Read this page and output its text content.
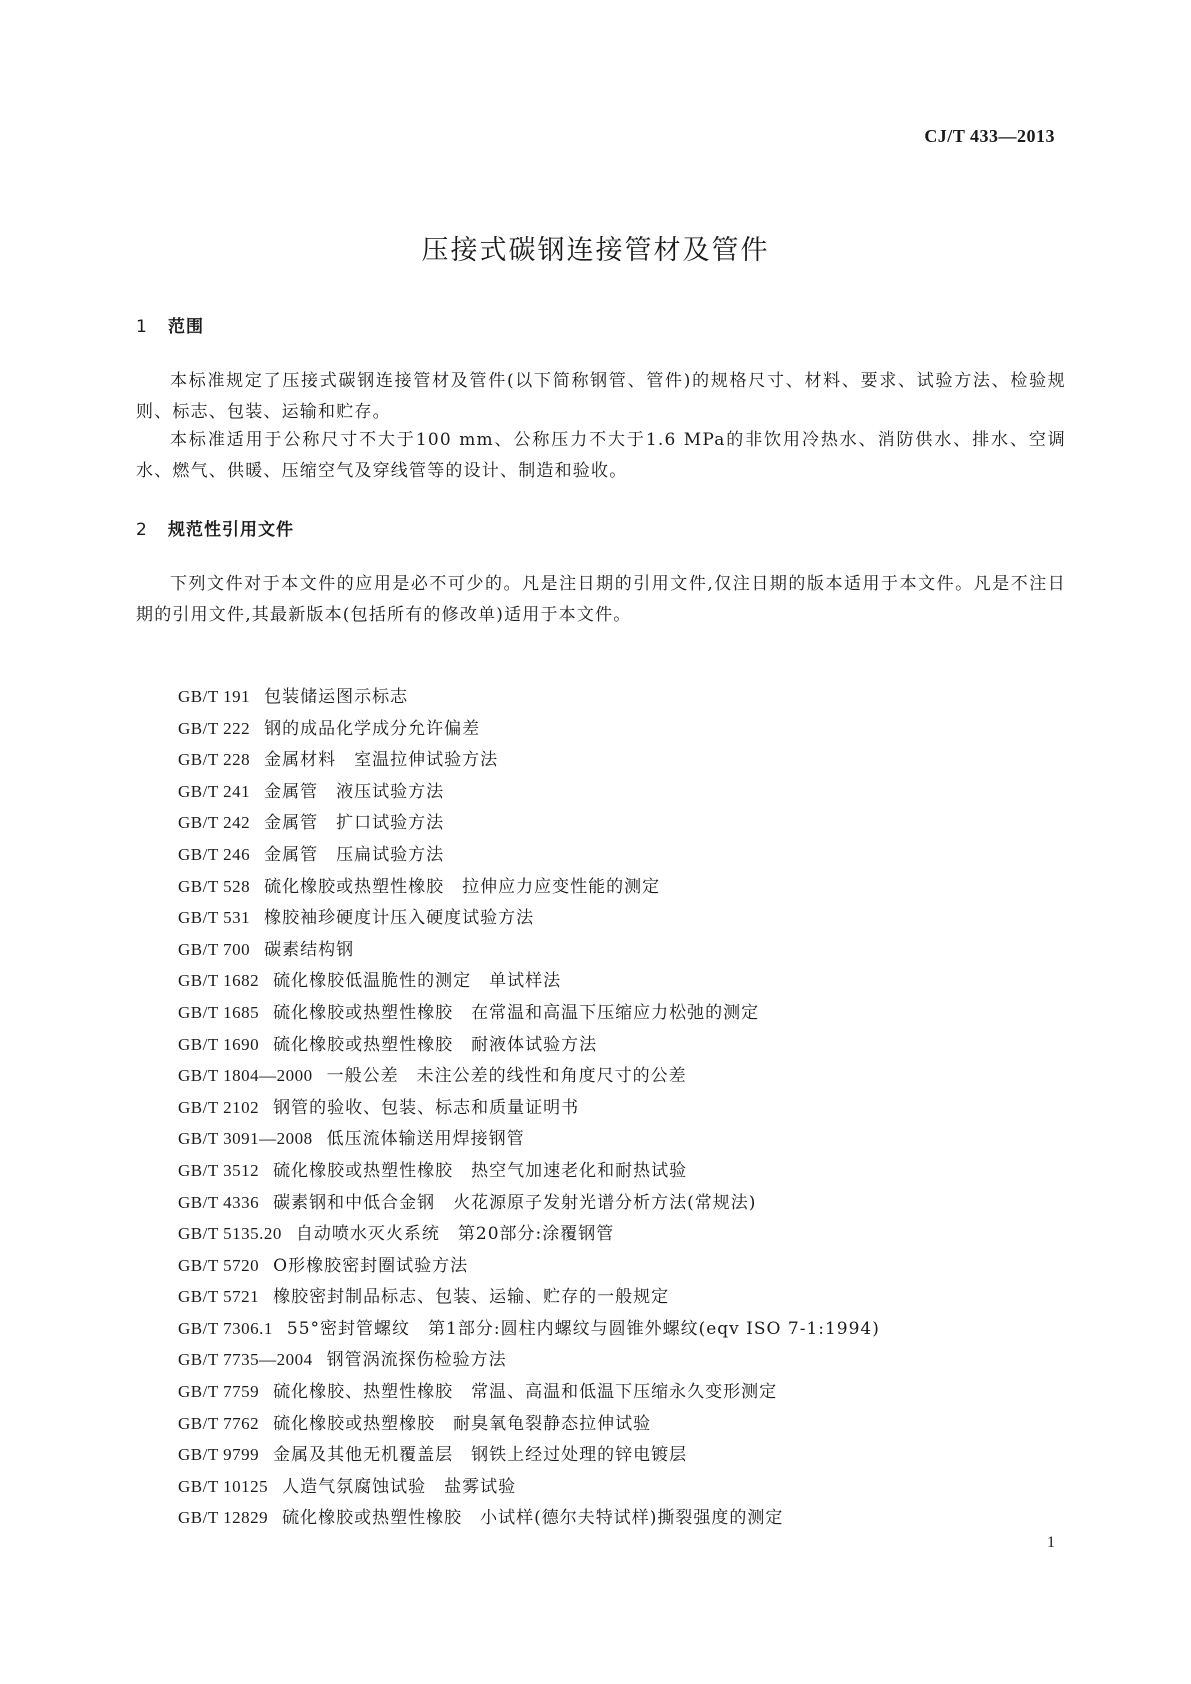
CJ/T 433—2013
压接式碳钢连接管材及管件
1 范围
本标准规定了压接式碳钢连接管材及管件(以下简称钢管、管件)的规格尺寸、材料、要求、试验方法、检验规则、标志、包装、运输和贮存。
本标准适用于公称尺寸不大于100 mm、公称压力不大于1.6 MPa的非饮用冷热水、消防供水、排水、空调水、燃气、供暖、压缩空气及穿线管等的设计、制造和验收。
2 规范性引用文件
下列文件对于本文件的应用是必不可少的。凡是注日期的引用文件,仅注日期的版本适用于本文件。凡是不注日期的引用文件,其最新版本(包括所有的修改单)适用于本文件。
GB/T 191 包装储运图示标志
GB/T 222 钢的成品化学成分允许偏差
GB/T 228 金属材料　室温拉伸试验方法
GB/T 241 金属管　液压试验方法
GB/T 242 金属管　扩口试验方法
GB/T 246 金属管　压扁试验方法
GB/T 528 硫化橡胶或热塑性橡胶　拉伸应力应变性能的测定
GB/T 531 橡胶袖珍硬度计压入硬度试验方法
GB/T 700 碳素结构钢
GB/T 1682 硫化橡胶低温脆性的测定　单试样法
GB/T 1685 硫化橡胶或热塑性橡胶　在常温和高温下压缩应力松弛的测定
GB/T 1690 硫化橡胶或热塑性橡胶　耐液体试验方法
GB/T 1804—2000 一般公差　未注公差的线性和角度尺寸的公差
GB/T 2102 钢管的验收、包装、标志和质量证明书
GB/T 3091—2008 低压流体输送用焊接钢管
GB/T 3512 硫化橡胶或热塑性橡胶　热空气加速老化和耐热试验
GB/T 4336 碳素钢和中低合金钢　火花源原子发射光谱分析方法(常规法)
GB/T 5135.20 自动喷水灭火系统　第20部分:涂覆钢管
GB/T 5720 O形橡胶密封圈试验方法
GB/T 5721 橡胶密封制品标志、包装、运输、贮存的一般规定
GB/T 7306.1 55°密封管螺纹　第1部分:圆柱内螺纹与圆锥外螺纹(eqv ISO 7-1:1994)
GB/T 7735—2004 钢管涡流探伤检验方法
GB/T 7759 硫化橡胶、热塑性橡胶　常温、高温和低温下压缩永久变形测定
GB/T 7762 硫化橡胶或热塑橡胶　耐臭氧龟裂静态拉伸试验
GB/T 9799 金属及其他无机覆盖层　钢铁上经过处理的锌电镀层
GB/T 10125 人造气氛腐蚀试验　盐雾试验
GB/T 12829 硫化橡胶或热塑性橡胶　小试样(德尔夫特试样)撕裂强度的测定
1
